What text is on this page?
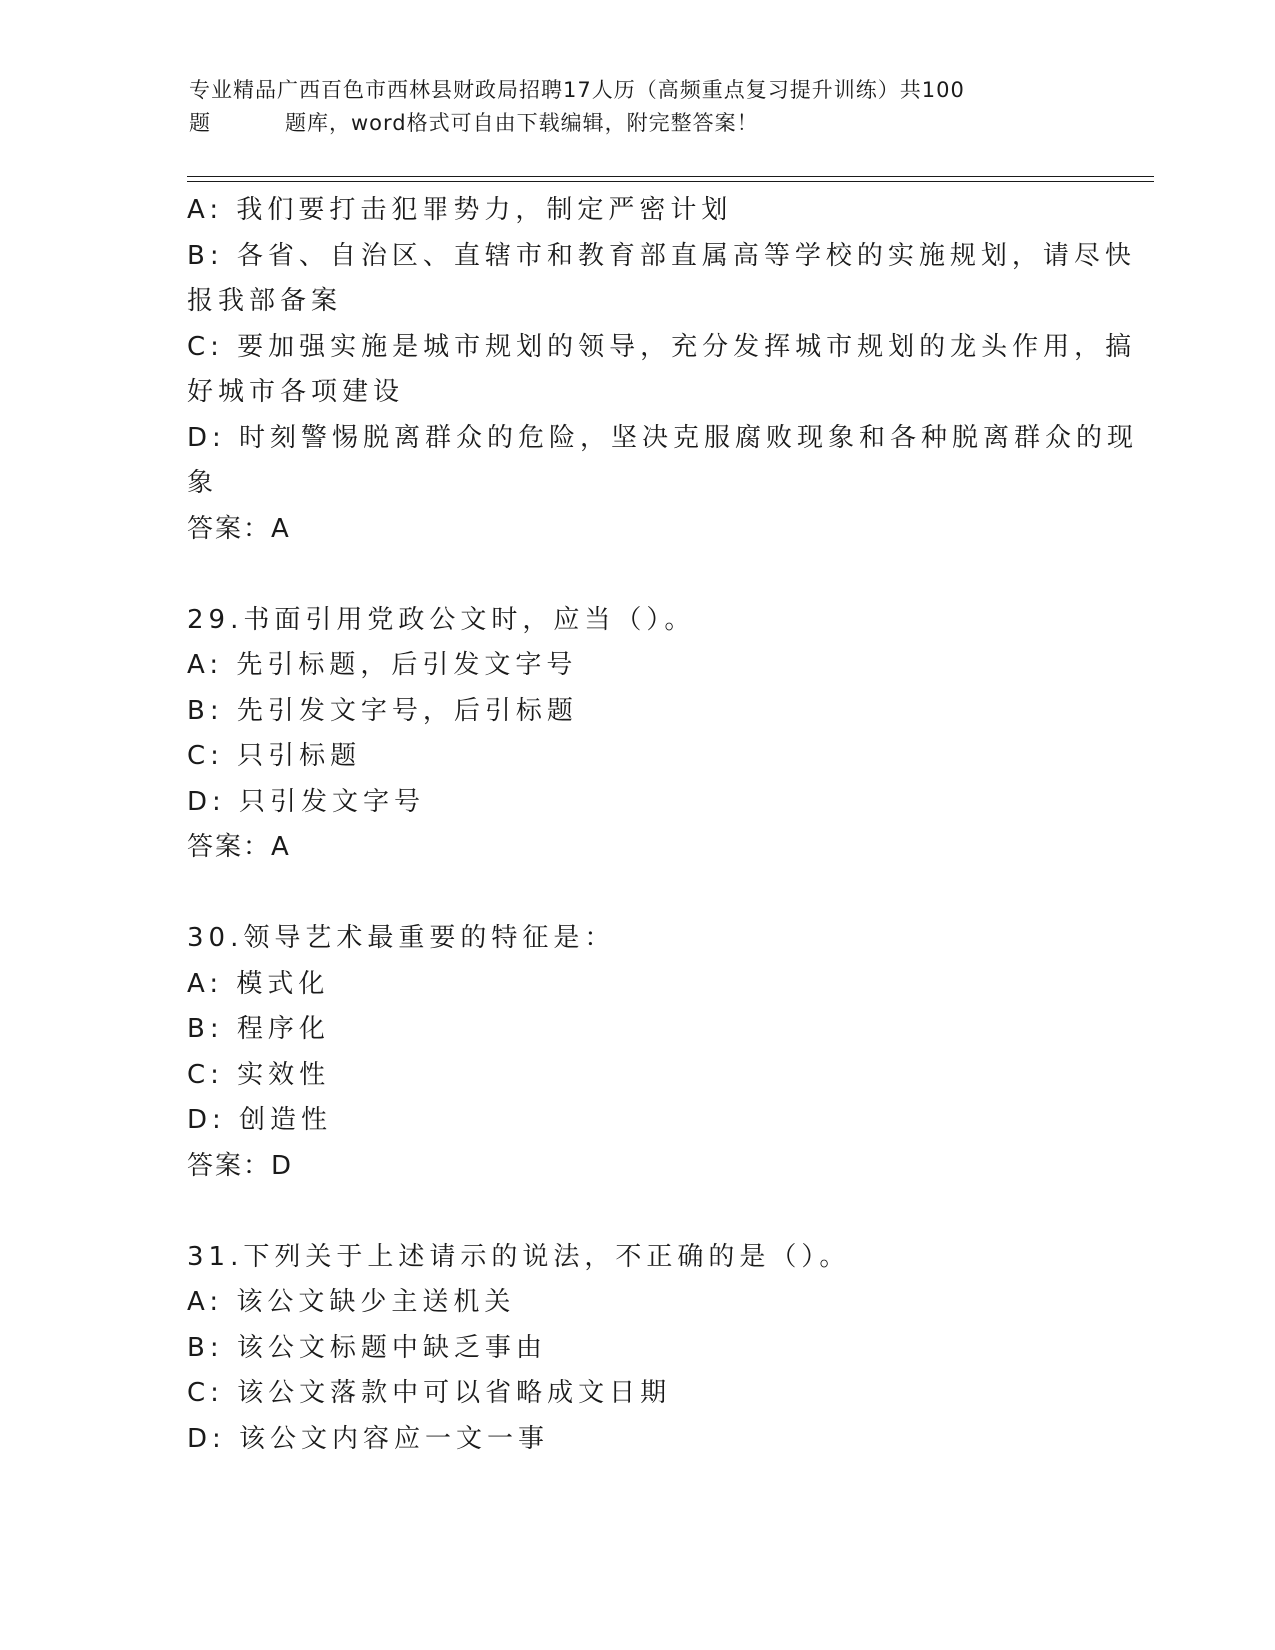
专业精品广西百色市西林县财政局招聘17人历（高频重点复习提升训练）共100
题	题库，word格式可自由下载编辑，附完整答案！
A: 我们要打击犯罪势力，制定严密计划
B: 各省、自治区、直辖市和教育部直属高等学校的实施规划，请尽快
报我部备案
C: 要加强实施是城市规划的领导，充分发挥城市规划的龙头作用，搞
好城市各项建设
D: 时刻警惕脱离群众的危险，坚决克服腐败现象和各种脱离群众的现
象
答案：A
29.书面引用党政公文时，应当（）。
A: 先引标题，后引发文字号
B: 先引发文字号，后引标题
C: 只引标题
D: 只引发文字号
答案：A
30.领导艺术最重要的特征是：
A: 模式化
B: 程序化
C: 实效性
D: 创造性
答案：D
31.下列关于上述请示的说法，不正确的是（）。
A: 该公文缺少主送机关
B: 该公文标题中缺乏事由
C: 该公文落款中可以省略成文日期
D: 该公文内容应一文一事
